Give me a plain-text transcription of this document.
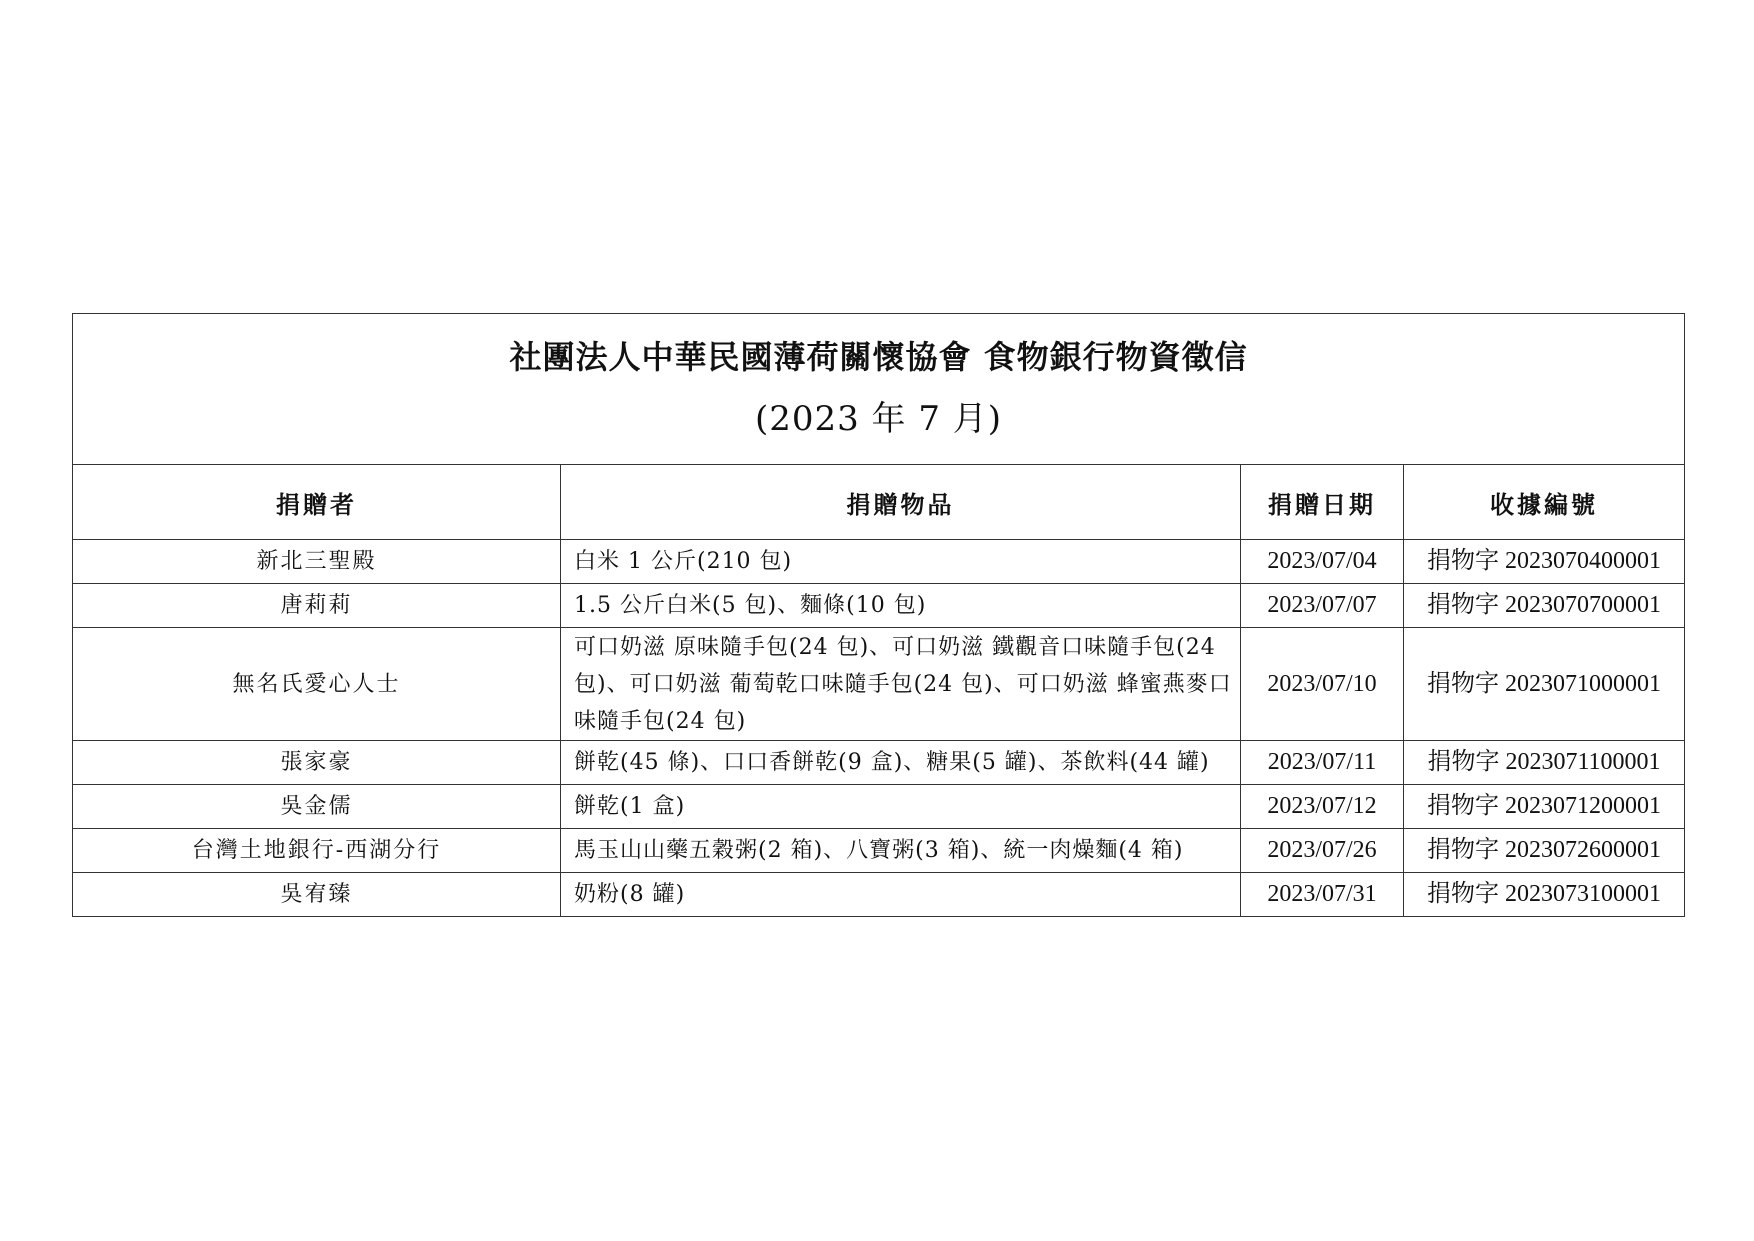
社團法人中華民國薄荷關懷協會 食物銀行物資徵信
(2023 年 7 月)			

捐贈者	捐贈物品	捐贈日期	收據編號
新北三聖殿	白米 1 公斤(210 包)	2023/07/04	捐物字 2023070400001
唐莉莉	1.5 公斤白米(5 包)、麵條(10 包)	2023/07/07	捐物字 2023070700001
無名氏愛心人士	可口奶滋 原味隨手包(24 包)、可口奶滋 鐵觀音口味隨手包(24 包)、可口奶滋 葡萄乾口味隨手包(24 包)、可口奶滋 蜂蜜燕麥口味隨手包(24 包)	2023/07/10	捐物字 2023071000001
張家豪	餅乾(45 條)、口口香餅乾(9 盒)、糖果(5 罐)、茶飲料(44 罐)	2023/07/11	捐物字 2023071100001
吳金儒	餅乾(1 盒)	2023/07/12	捐物字 2023071200001
台灣土地銀行-西湖分行	馬玉山山藥五穀粥(2 箱)、八寶粥(3 箱)、統一肉燥麵(4 箱)	2023/07/26	捐物字 2023072600001
吳宥臻	奶粉(8 罐)	2023/07/31	捐物字 2023073100001
